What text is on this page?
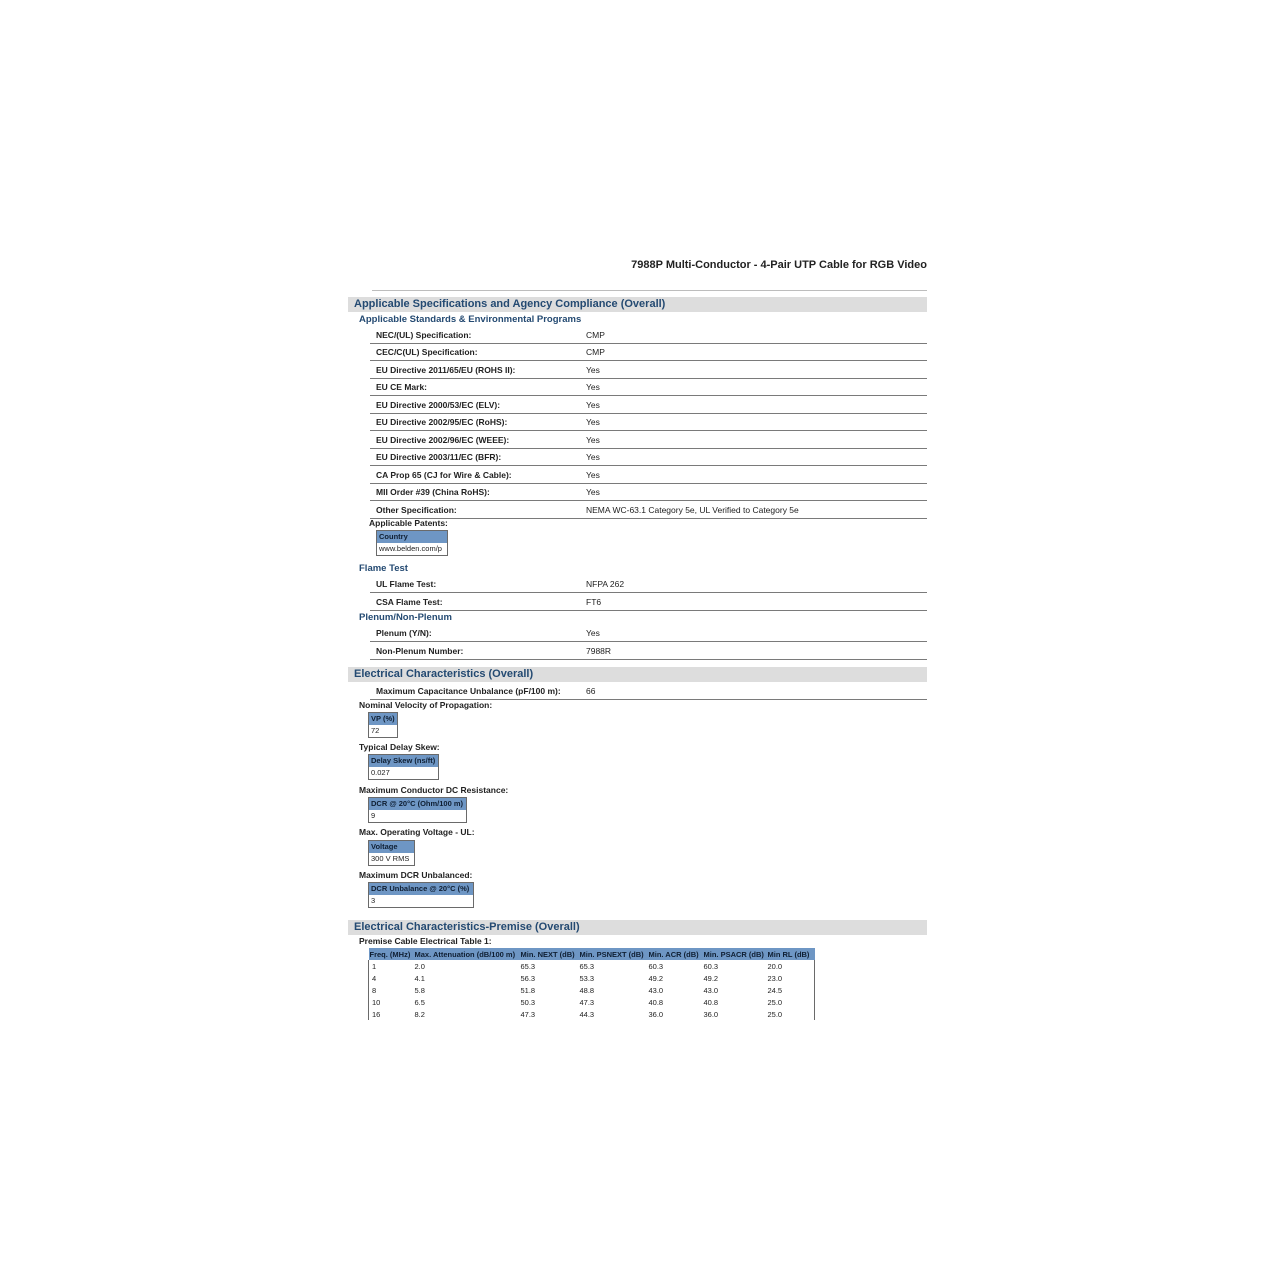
7988P Multi-Conductor - 4-Pair UTP Cable for RGB Video
Applicable Specifications and Agency Compliance (Overall)
Applicable Standards & Environmental Programs
NEC/(UL) Specification:	CMP
CEC/C(UL) Specification:	CMP
EU Directive 2011/65/EU (ROHS II):	Yes
EU CE Mark:	Yes
EU Directive 2000/53/EC (ELV):	Yes
EU Directive 2002/95/EC (RoHS):	Yes
EU Directive 2002/96/EC (WEEE):	Yes
EU Directive 2003/11/EC (BFR):	Yes
CA Prop 65 (CJ for Wire & Cable):	Yes
MII Order #39 (China RoHS):	Yes
Other Specification:	NEMA WC-63.1 Category 5e, UL Verified to Category 5e
Applicable Patents:
Country
www.belden.com/p
Flame Test
UL Flame Test:	NFPA 262
CSA Flame Test:	FT6
Plenum/Non-Plenum
Plenum (Y/N):	Yes
Non-Plenum Number:	7988R
Electrical Characteristics (Overall)
Maximum Capacitance Unbalance (pF/100 m):	66
Nominal Velocity of Propagation:
VP (%)
72
Typical Delay Skew:
Delay Skew (ns/ft)
0.027
Maximum Conductor DC Resistance:
DCR @ 20°C (Ohm/100 m)
9
Max. Operating Voltage - UL:
Voltage
300 V RMS
Maximum DCR Unbalanced:
DCR Unbalance @ 20°C (%)
3
Electrical Characteristics-Premise (Overall)
Premise Cable Electrical Table 1:
Freq. (MHz)	Max. Attenuation (dB/100 m)	Min. NEXT (dB)	Min. PSNEXT (dB)	Min. ACR (dB)	Min. PSACR (dB)	Min RL (dB)
1	2.0	65.3	65.3	60.3	60.3	20.0
4	4.1	56.3	53.3	49.2	49.2	23.0
8	5.8	51.8	48.8	43.0	43.0	24.5
10	6.5	50.3	47.3	40.8	40.8	25.0
16	8.2	47.3	44.3	36.0	36.0	25.0
